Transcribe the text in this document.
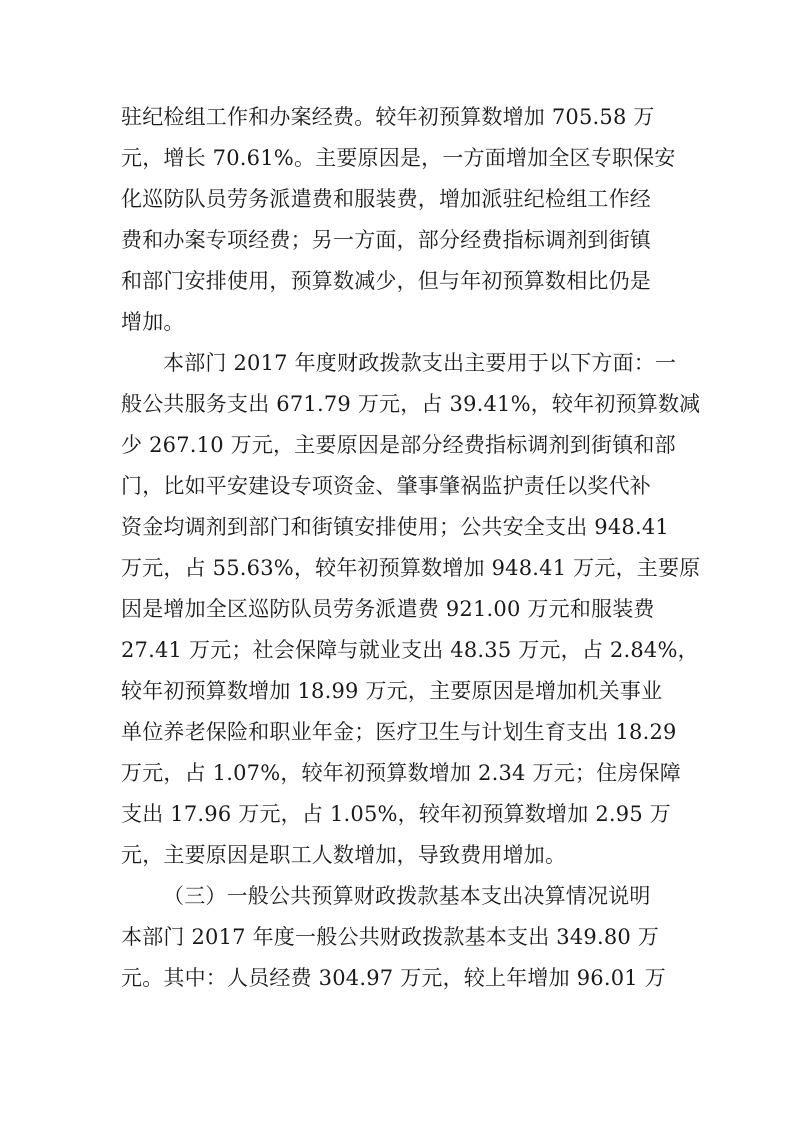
驻纪检组工作和办案经费。较年初预算数增加 705.58 万
元，增长 70.61%。主要原因是，一方面增加全区专职保安
化巡防队员劳务派遣费和服装费，增加派驻纪检组工作经
费和办案专项经费；另一方面，部分经费指标调剂到街镇
和部门安排使用，预算数减少，但与年初预算数相比仍是
增加。
本部门 2017 年度财政拨款支出主要用于以下方面：一
般公共服务支出 671.79 万元，占 39.41%，较年初预算数减
少 267.10 万元，主要原因是部分经费指标调剂到街镇和部
门，比如平安建设专项资金、肇事肇祸监护责任以奖代补
资金均调剂到部门和街镇安排使用；公共安全支出 948.41
万元，占 55.63%，较年初预算数增加 948.41 万元，主要原
因是增加全区巡防队员劳务派遣费 921.00 万元和服装费
27.41 万元；社会保障与就业支出 48.35 万元，占 2.84%，
较年初预算数增加 18.99 万元，主要原因是增加机关事业
单位养老保险和职业年金；医疗卫生与计划生育支出 18.29
万元，占 1.07%，较年初预算数增加 2.34 万元；住房保障
支出 17.96 万元，占 1.05%，较年初预算数增加 2.95 万
元，主要原因是职工人数增加，导致费用增加。
（三）一般公共预算财政拨款基本支出决算情况说明
本部门 2017 年度一般公共财政拨款基本支出 349.80 万
元。其中：人员经费 304.97 万元，较上年增加 96.01 万
